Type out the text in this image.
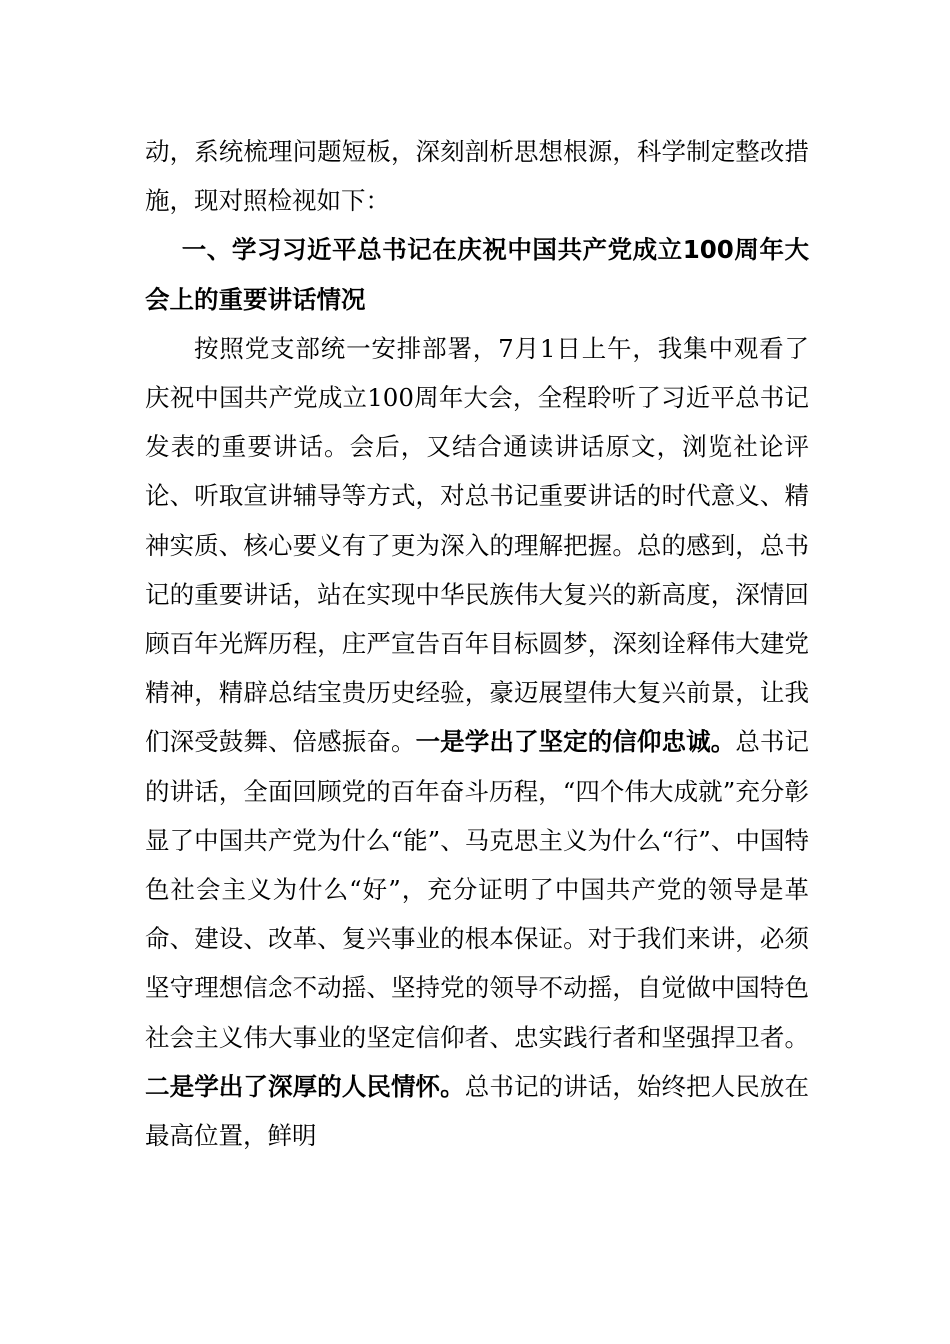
动，系统梳理问题短板，深刻剖析思想根源，科学制定整改措施，现对照检视如下：

一、学习习近平总书记在庆祝中国共产党成立100周年大会上的重要讲话情况

按照党支部统一安排部署，7月1日上午，我集中观看了庆祝中国共产党成立100周年大会，全程聆听了习近平总书记发表的重要讲话。会后，又结合通读讲话原文，浏览社论评论、听取宣讲辅导等方式，对总书记重要讲话的时代意义、精神实质、核心要义有了更为深入的理解把握。总的感到，总书记的重要讲话，站在实现中华民族伟大复兴的新高度，深情回顾百年光辉历程，庄严宣告百年目标圆梦，深刻诠释伟大建党精神，精辟总结宝贵历史经验，豪迈展望伟大复兴前景，让我们深受鼓舞、倍感振奋。一是学出了坚定的信仰忠诚。总书记的讲话，全面回顾党的百年奋斗历程，“四个伟大成就”充分彰显了中国共产党为什么“能”、马克思主义为什么“行”、中国特色社会主义为什么“好”，充分证明了中国共产党的领导是革命、建设、改革、复兴事业的根本保证。对于我们来讲，必须坚守理想信念不动摇、坚持党的领导不动摇，自觉做中国特色社会主义伟大事业的坚定信仰者、忠实践行者和坚强捍卫者。二是学出了深厚的人民情怀。总书记的讲话，始终把人民放在最高位置，鲜明
